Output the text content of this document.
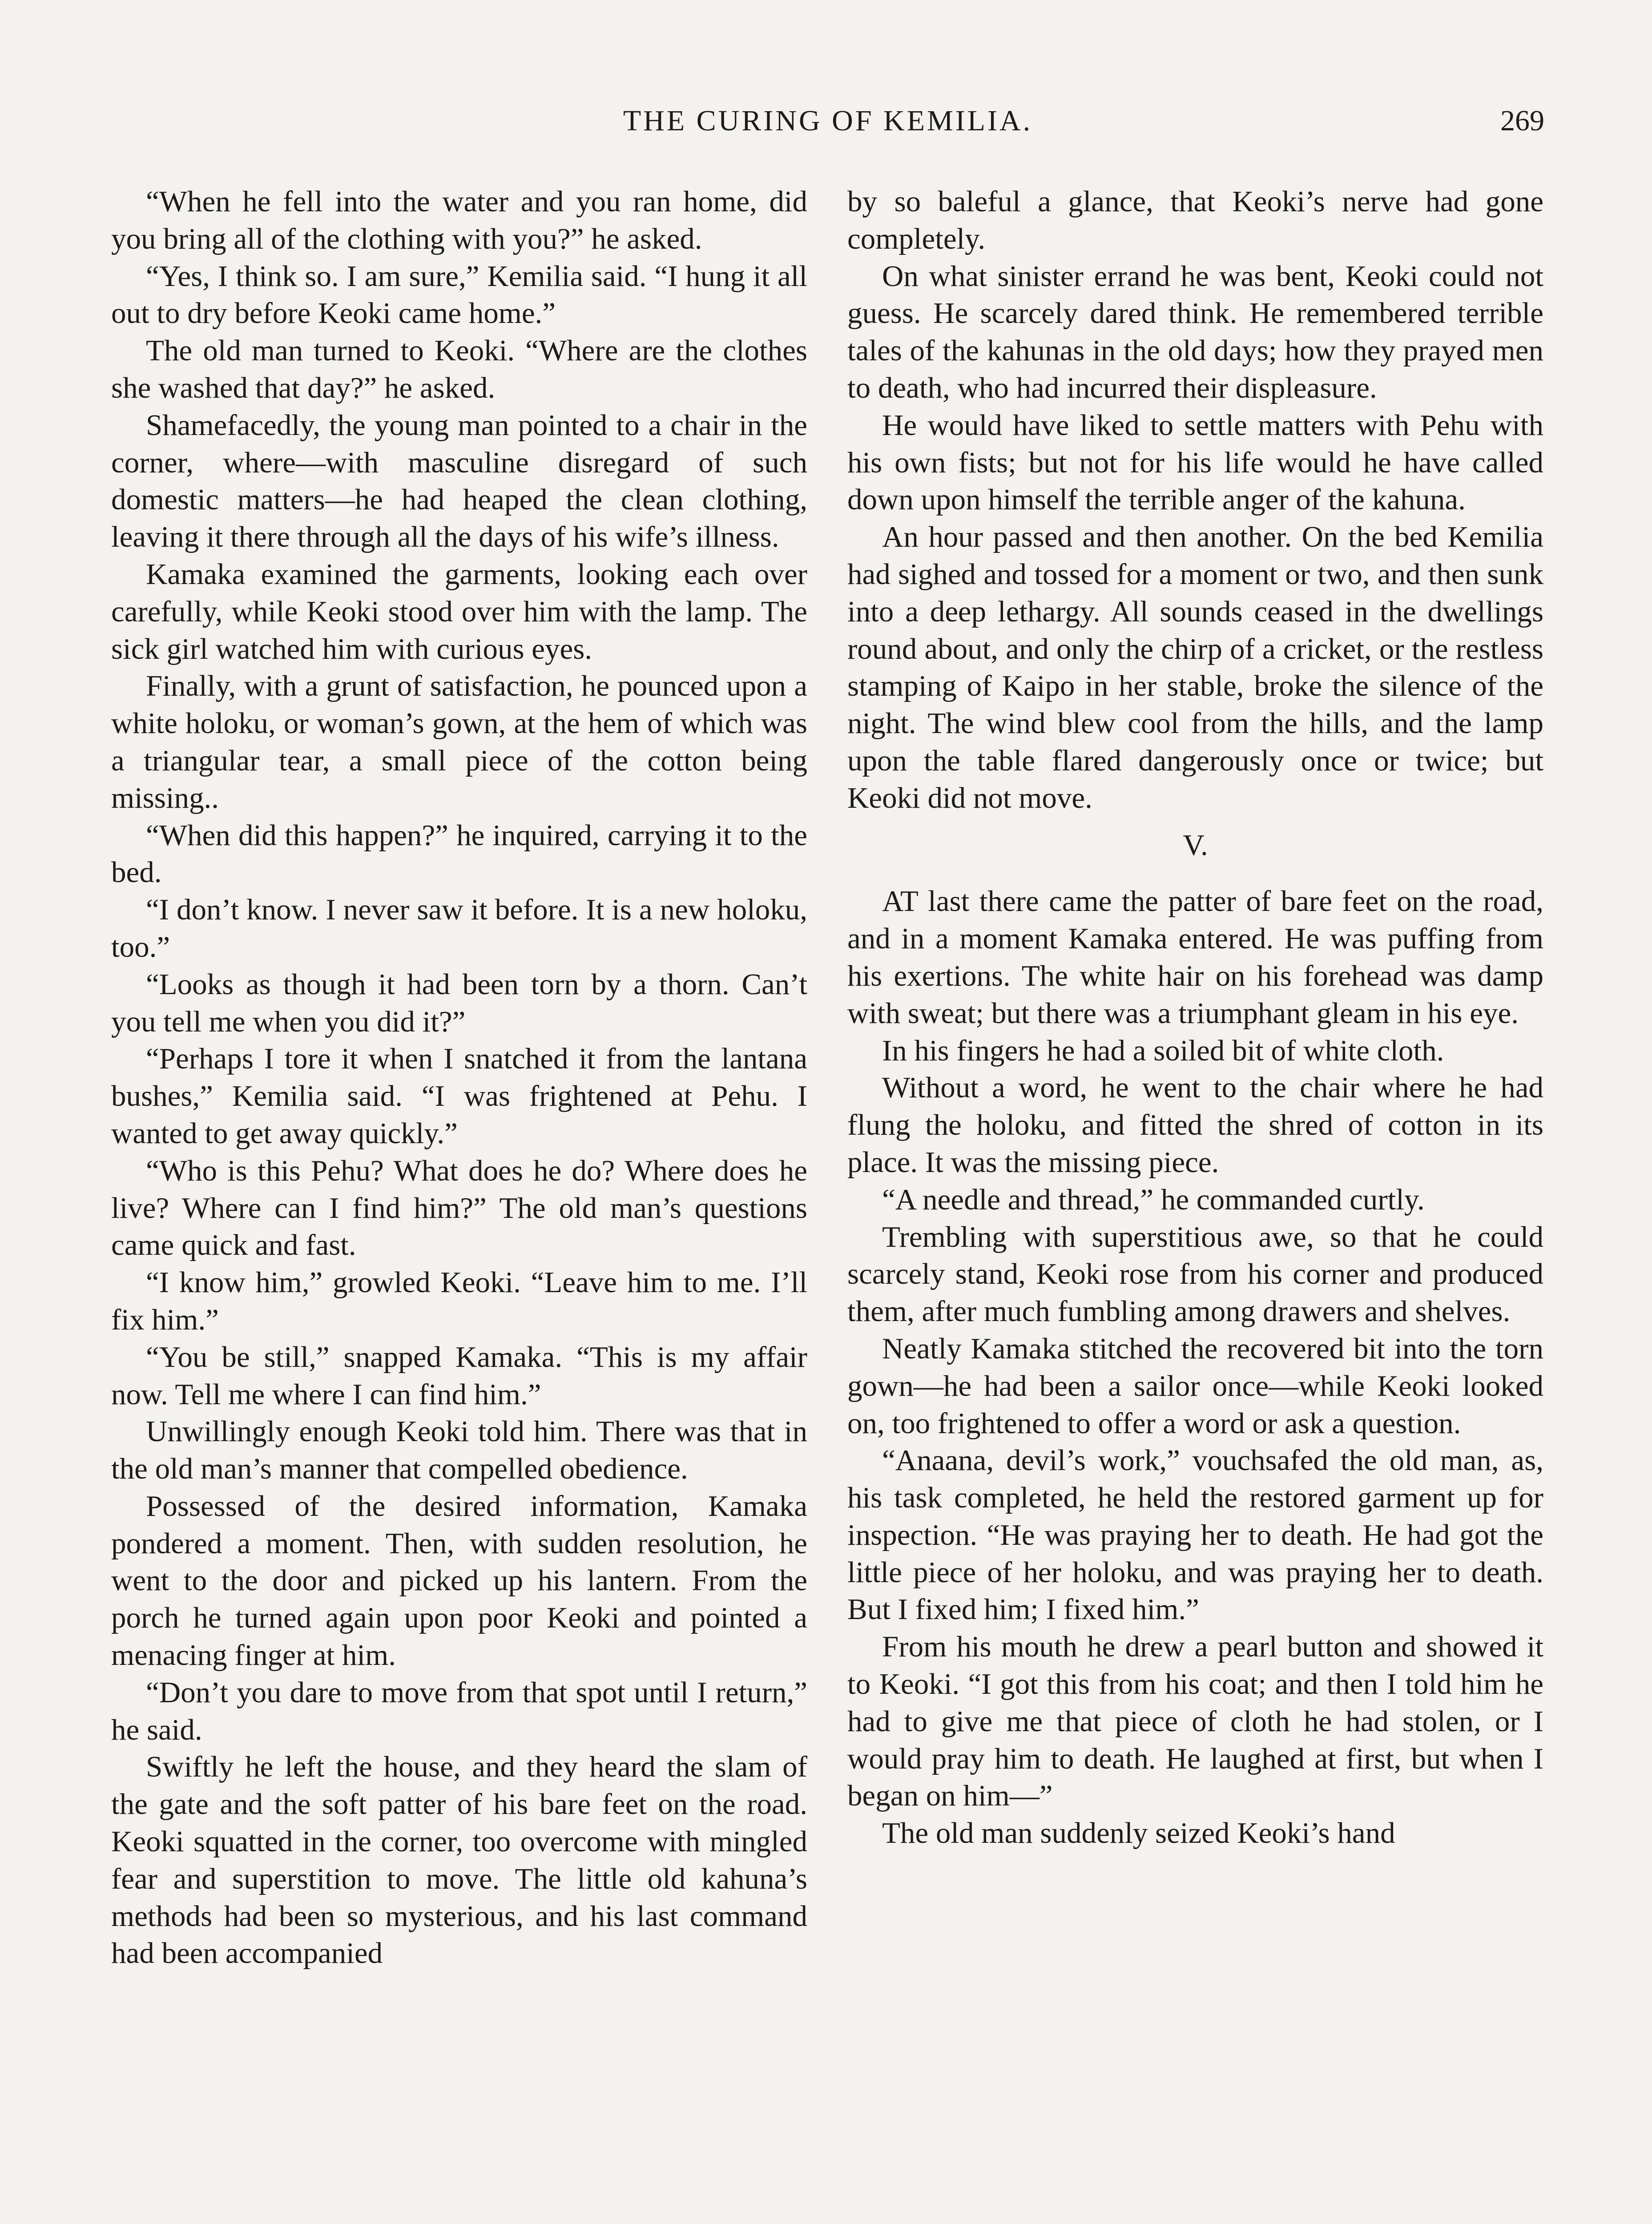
THE CURING OF KEMILIA.	269

“When he fell into the water and you ran home, did you bring all of the clothing with you?” he asked.

“Yes, I think so. I am sure,” Kemilia said. “I hung it all out to dry before Keoki came home.”

The old man turned to Keoki. “Where are the clothes she washed that day?” he asked.

Shamefacedly, the young man pointed to a chair in the corner, where—with masculine disregard of such domestic matters—he had heaped the clean clothing, leaving it there through all the days of his wife’s illness.

Kamaka examined the garments, looking each over carefully, while Keoki stood over him with the lamp. The sick girl watched him with curious eyes.

Finally, with a grunt of satisfaction, he pounced upon a white holoku, or woman’s gown, at the hem of which was a triangular tear, a small piece of the cotton being missing..

“When did this happen?” he inquired, carrying it to the bed.

“I don’t know. I never saw it before. It is a new holoku, too.”

“Looks as though it had been torn by a thorn. Can’t you tell me when you did it?”

“Perhaps I tore it when I snatched it from the lantana bushes,” Kemilia said. “I was frightened at Pehu. I wanted to get away quickly.”

“Who is this Pehu? What does he do? Where does he live? Where can I find him?” The old man’s questions came quick and fast.

“I know him,” growled Keoki. “Leave him to me. I’ll fix him.”

“You be still,” snapped Kamaka. “This is my affair now. Tell me where I can find him.”

Unwillingly enough Keoki told him. There was that in the old man’s manner that compelled obedience.

Possessed of the desired information, Kamaka pondered a moment. Then, with sudden resolution, he went to the door and picked up his lantern. From the porch he turned again upon poor Keoki and pointed a menacing finger at him.

“Don’t you dare to move from that spot until I return,” he said.

Swiftly he left the house, and they heard the slam of the gate and the soft patter of his bare feet on the road. Keoki squatted in the corner, too overcome with mingled fear and superstition to move. The little old kahuna’s methods had been so mysterious, and his last command had been accompanied

by so baleful a glance, that Keoki’s nerve had gone completely.

On what sinister errand he was bent, Keoki could not guess. He scarcely dared think. He remembered terrible tales of the kahunas in the old days; how they prayed men to death, who had incurred their displeasure.

He would have liked to settle matters with Pehu with his own fists; but not for his life would he have called down upon himself the terrible anger of the kahuna.

An hour passed and then another. On the bed Kemilia had sighed and tossed for a moment or two, and then sunk into a deep lethargy. All sounds ceased in the dwellings round about, and only the chirp of a cricket, or the restless stamping of Kaipo in her stable, broke the silence of the night. The wind blew cool from the hills, and the lamp upon the table flared dangerously once or twice; but Keoki did not move.

V.

AT last there came the patter of bare feet on the road, and in a moment Kamaka entered. He was puffing from his exertions. The white hair on his forehead was damp with sweat; but there was a triumphant gleam in his eye.

In his fingers he had a soiled bit of white cloth.

Without a word, he went to the chair where he had flung the holoku, and fitted the shred of cotton in its place. It was the missing piece.

“A needle and thread,” he commanded curtly.

Trembling with superstitious awe, so that he could scarcely stand, Keoki rose from his corner and produced them, after much fumbling among drawers and shelves.

Neatly Kamaka stitched the recovered bit into the torn gown—he had been a sailor once—while Keoki looked on, too frightened to offer a word or ask a question.

“Anaana, devil’s work,” vouchsafed the old man, as, his task completed, he held the restored garment up for inspection. “He was praying her to death. He had got the little piece of her holoku, and was praying her to death. But I fixed him; I fixed him.”

From his mouth he drew a pearl button and showed it to Keoki. “I got this from his coat; and then I told him he had to give me that piece of cloth he had stolen, or I would pray him to death. He laughed at first, but when I began on him—”

The old man suddenly seized Keoki’s hand
